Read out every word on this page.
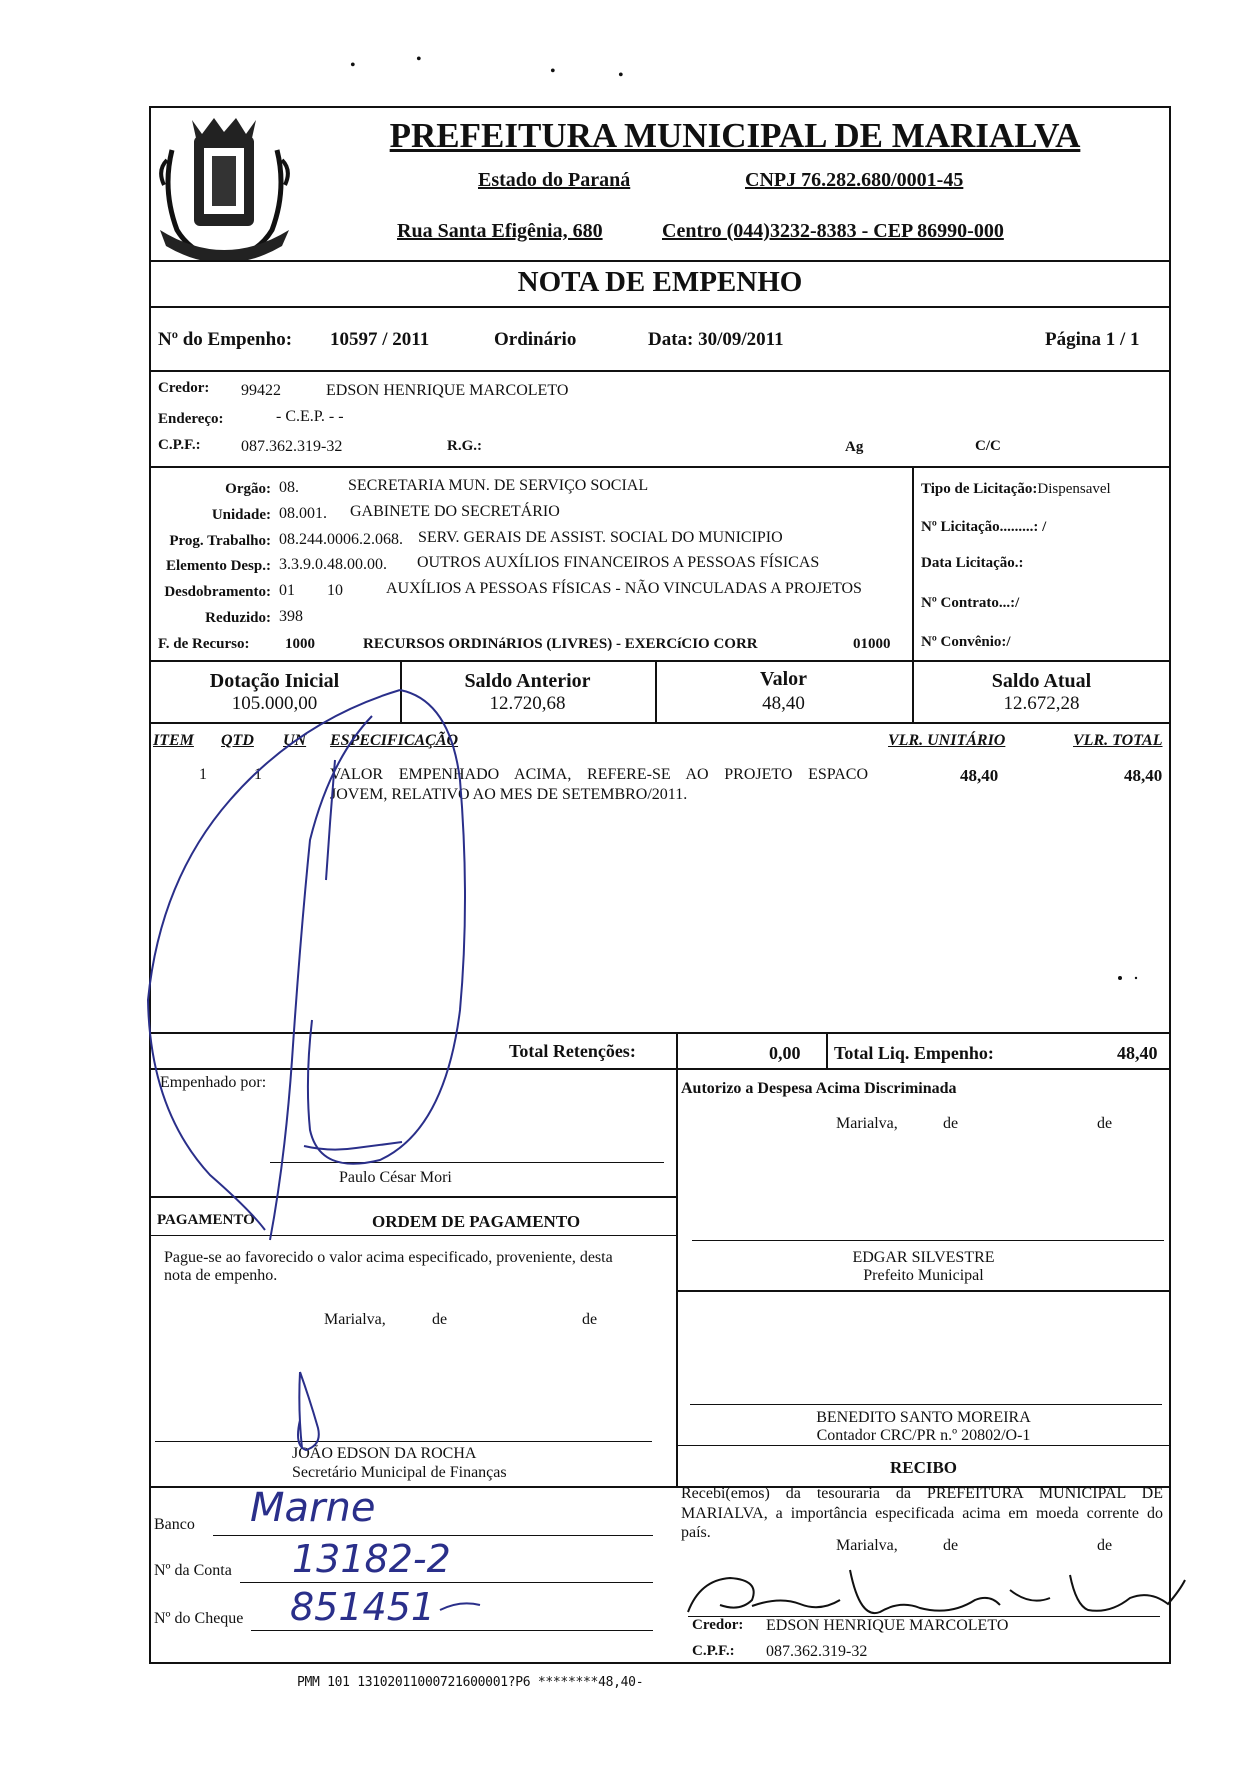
•	•
•	•
PREFEITURA MUNICIPAL DE MARIALVA
Estado do Paraná	CNPJ 76.282.680/0001-45
Rua Santa Efigênia, 680	Centro (044)3232-8383 - CEP 86990-000
NOTA DE EMPENHO
Nº do Empenho: 10597 / 2011	Ordinário	Data: 30/09/2011	Página 1 / 1
Credor: 99422	EDSON HENRIQUE MARCOLETO
Endereço:	- C.E.P. - -
C.P.F.:	087.362.319-32	R.G.:	Ag	C/C
Orgão: 08.	SECRETARIA MUN. DE SERVIÇO SOCIAL
Unidade: 08.001. GABINETE DO SECRETÁRIO
Prog. Trabalho: 08.244.0006.2.068. SERV. GERAIS DE ASSIST. SOCIAL DO MUNICIPIO
Elemento Desp.: 3.3.9.0.48.00.00. OUTROS AUXÍLIOS FINANCEIROS A PESSOAS FÍSICAS
Desdobramento: 01 10	AUXÍLIOS A PESSOAS FÍSICAS - NÃO VINCULADAS A PROJETOS
Reduzido: 398
F. de Recurso: 1000	RECURSOS ORDINáRIOS (LIVRES) - EXERCíCIO CORR	01000
Tipo de Licitação:Dispensavel
Nº Licitação.........: /
Data Licitação.:
Nº Contrato...:/
Nº Convênio:/
Dotação Inicial
105.000,00
Saldo Anterior
12.720,68
Valor
48,40
Saldo Atual
12.672,28
ITEM QTD UN ESPECIFICAÇÃO	VLR. UNITÁRIO	VLR. TOTAL
1	1	VALOR EMPENHADO ACIMA, REFERE-SE AO PROJETO ESPACO
JOVEM, RELATIVO AO MES DE SETEMBRO/2011.
48,40	48,40
Total Retenções:	0,00 Total Liq. Empenho:	48,40
Empenhado por:
Paulo César Mori
PAGAMENTO	ORDEM DE PAGAMENTO
Pague-se ao favorecido o valor acima especificado, proveniente, desta
nota de empenho.
Marialva,	de	de
JOÃO EDSON DA ROCHA
Secretário Municipal de Finanças
Autorizo a Despesa Acima Discriminada
Marialva,	de	de
EDGAR SILVESTRE
Prefeito Municipal
BENEDITO SANTO MOREIRA
Contador CRC/PR n.º 20802/O-1
RECIBO
Banco Marne
Nº da Conta 13182-2
Nº do Cheque 851451
Recebi(emos) da tesouraria da PREFEITURA MUNICIPAL DE
MARIALVA, a importância especificada acima em moeda corrente do
país.
Marialva,	de	de
Credor: EDSON HENRIQUE MARCOLETO
C.P.F.: 087.362.319-32
PMM 101 13102011000721600001?P6 ********48,40-
